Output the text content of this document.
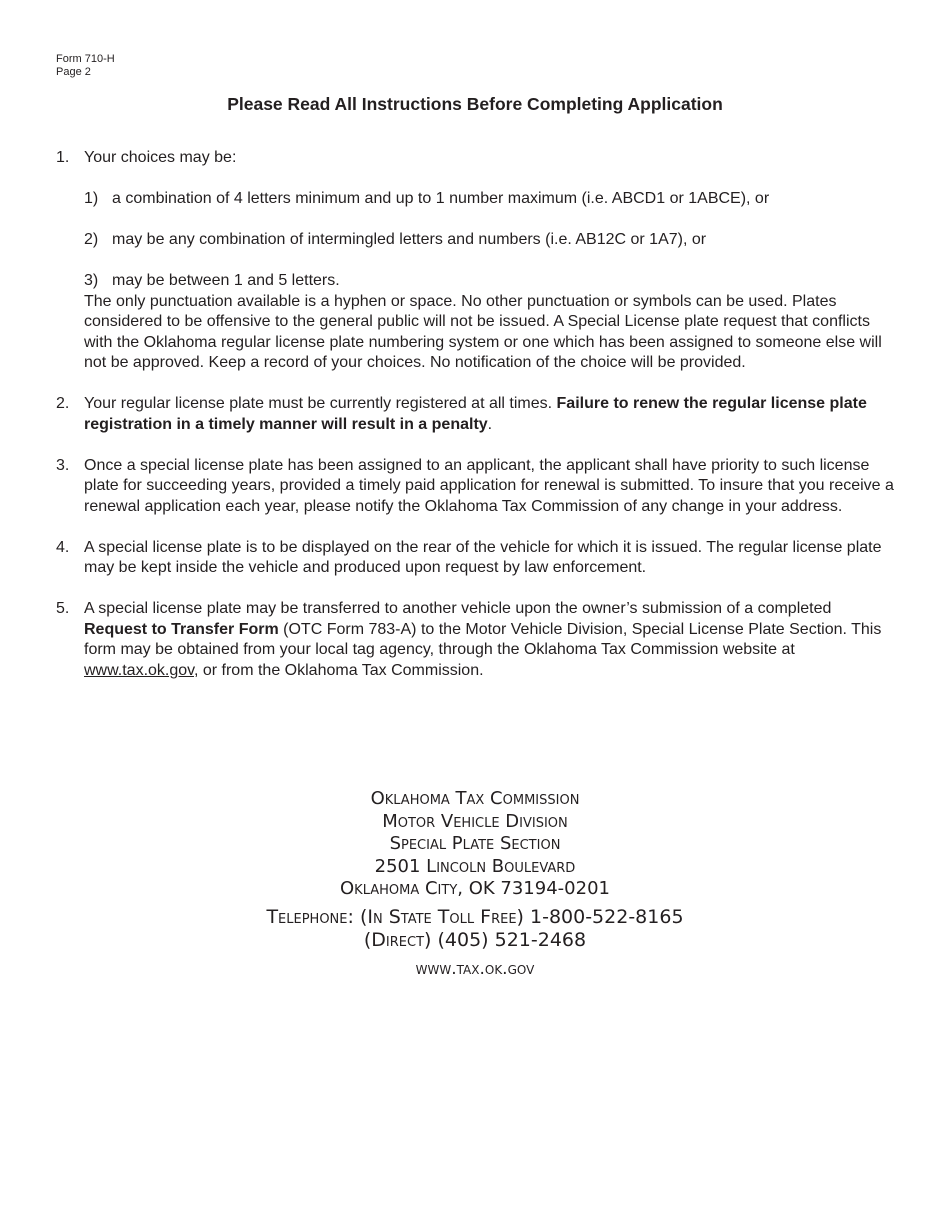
Form 710-H
Page 2
Please Read All Instructions Before Completing Application
1. Your choices may be:

1) a combination of 4 letters minimum and up to 1 number maximum (i.e. ABCD1 or 1ABCE), or
2) may be any combination of intermingled letters and numbers (i.e. AB12C or 1A7), or
3) may be between 1 and 5 letters.

The only punctuation available is a hyphen or space. No other punctuation or symbols can be used. Plates considered to be offensive to the general public will not be issued. A Special License plate request that conflicts with the Oklahoma regular license plate numbering system or one which has been assigned to someone else will not be approved. Keep a record of your choices. No notification of the choice will be provided.

2. Your regular license plate must be currently registered at all times. Failure to renew the regular license plate registration in a timely manner will result in a penalty.

3. Once a special license plate has been assigned to an applicant, the applicant shall have priority to such license plate for succeeding years, provided a timely paid application for renewal is submitted. To insure that you receive a renewal application each year, please notify the Oklahoma Tax Commission of any change in your address.

4. A special license plate is to be displayed on the rear of the vehicle for which it is issued. The regular license plate may be kept inside the vehicle and produced upon request by law enforcement.

5. A special license plate may be transferred to another vehicle upon the owner’s submission of a completed Request to Transfer Form (OTC Form 783-A) to the Motor Vehicle Division, Special License Plate Section. This form may be obtained from your local tag agency, through the Oklahoma Tax Commission website at www.tax.ok.gov, or from the Oklahoma Tax Commission.

Oklahoma Tax Commission
Motor Vehicle Division
Special Plate Section
2501 Lincoln Boulevard
Oklahoma City, OK 73194-0201
Telephone: (In State Toll Free) 1-800-522-8165
(Direct) (405) 521-2468
www.tax.ok.gov
